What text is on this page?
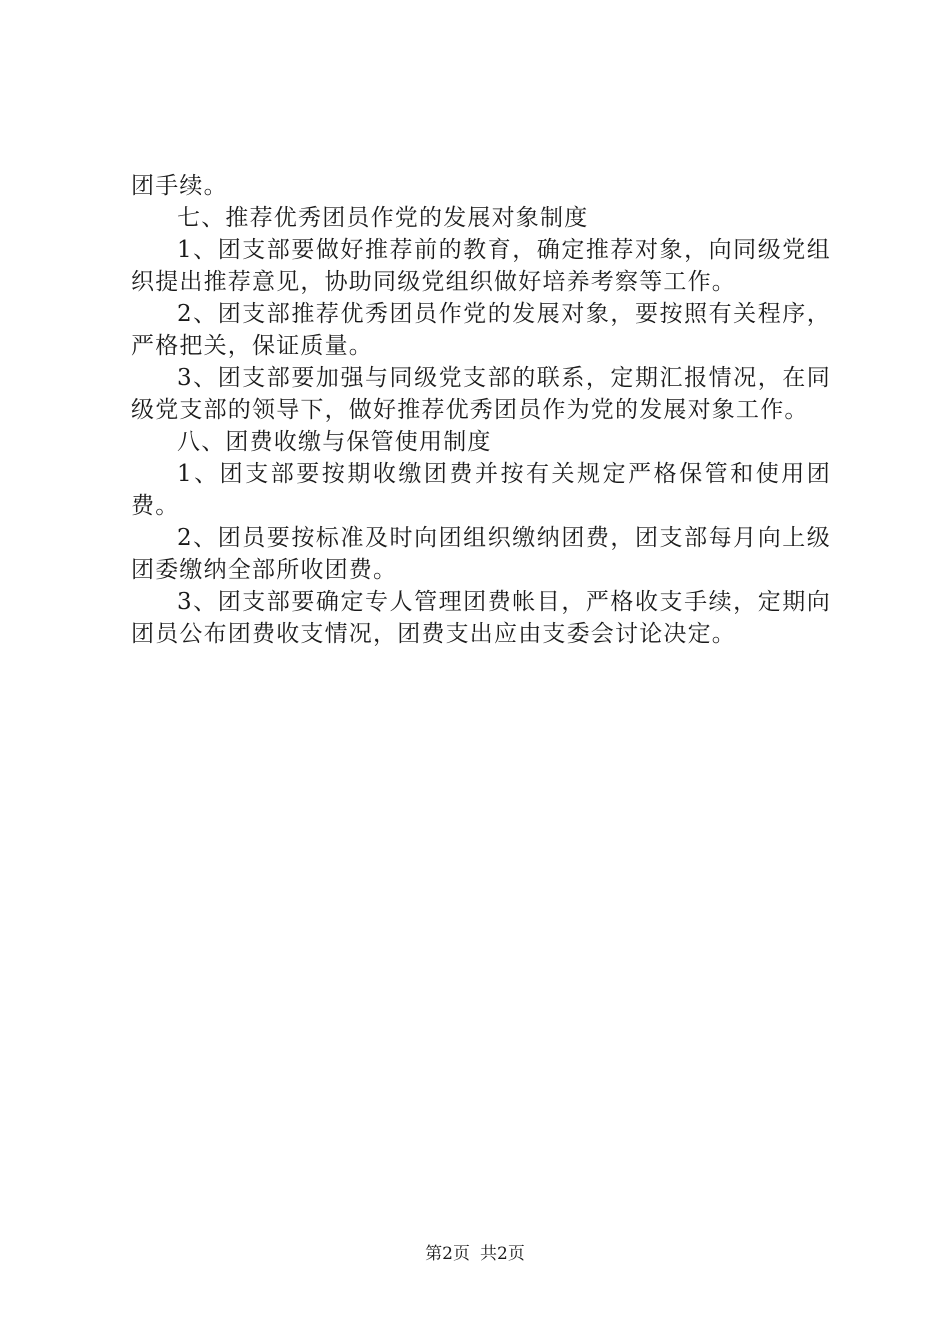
团手续。

七、推荐优秀团员作党的发展对象制度

1、团支部要做好推荐前的教育，确定推荐对象，向同级党组织提出推荐意见，协助同级党组织做好培养考察等工作。

2、团支部推荐优秀团员作党的发展对象，要按照有关程序，严格把关，保证质量。

3、团支部要加强与同级党支部的联系，定期汇报情况，在同级党支部的领导下，做好推荐优秀团员作为党的发展对象工作。

八、团费收缴与保管使用制度

1、团支部要按期收缴团费并按有关规定严格保管和使用团费。

2、团员要按标准及时向团组织缴纳团费，团支部每月向上级团委缴纳全部所收团费。

3、团支部要确定专人管理团费帐目，严格收支手续，定期向团员公布团费收支情况，团费支出应由支委会讨论决定。

第2页 共2页
